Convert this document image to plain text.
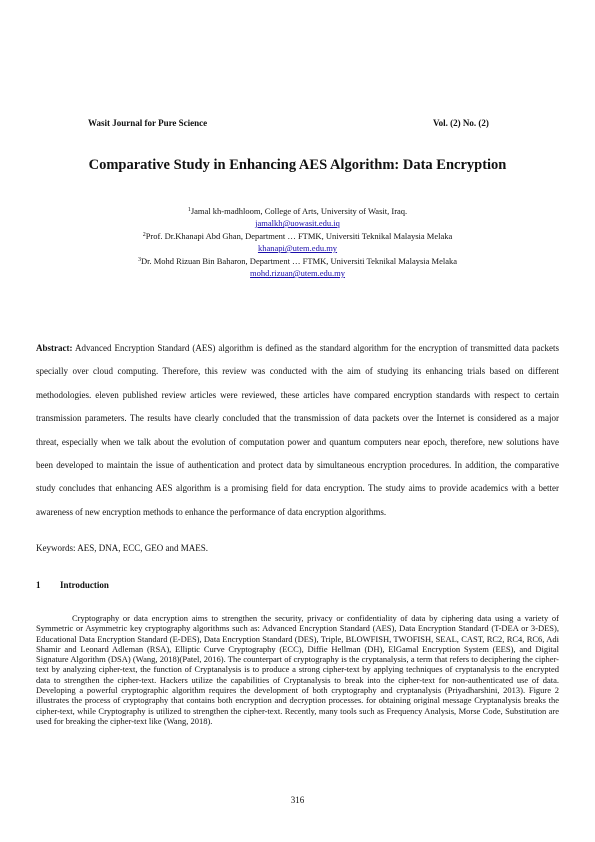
Wasit Journal for Pure Science	Vol. (2) No. (2)
Comparative Study in Enhancing AES Algorithm: Data Encryption
$^1$Jamal kh-madhloom, College of Arts, University of Wasit, Iraq.
jamalkh@uowasit.edu.iq
$^2$Prof. Dr.Khanapi Abd Ghan, Department … FTMK, Universiti Teknikal Malaysia Melaka
khanapi@utem.edu.my
$^3$Dr. Mohd Rizuan Bin Baharon, Department … FTMK, Universiti Teknikal Malaysia Melaka
mohd.rizuan@utem.edu.my

Abstract: Advanced Encryption Standard (AES) algorithm is defined as the standard algorithm for the encryption of transmitted data packets specially over cloud computing. Therefore, this review was conducted with the aim of studying its enhancing trials based on different methodologies. eleven published review articles were reviewed, these articles have compared encryption standards with respect to certain transmission parameters. The results have clearly concluded that the transmission of data packets over the Internet is considered as a major threat, especially when we talk about the evolution of computation power and quantum computers near epoch, therefore, new solutions have been developed to maintain the issue of authentication and protect data by simultaneous encryption procedures. In addition, the comparative study concludes that enhancing AES algorithm is a promising field for data encryption. The study aims to provide academics with a better awareness of new encryption methods to enhance the performance of data encryption algorithms.

Keywords: AES, DNA, ECC, GEO and MAES.
1 Introduction

Cryptography or data encryption aims to strengthen the security, privacy or confidentiality of data by ciphering data using a variety of Symmetric or Asymmetric key cryptography algorithms such as: Advanced Encryption Standard (AES), Data Encryption Standard (T-DEA or 3-DES), Educational Data Encryption Standard (E-DES), Data Encryption Standard (DES), Triple, BLOWFISH, TWOFISH, SEAL, CAST, RC2, RC4, RC6, Adi Shamir and Leonard Adleman (RSA), Elliptic Curve Cryptography (ECC), Diffie Hellman (DH), ElGamal Encryption System (EES), and Digital Signature Algorithm (DSA) (Wang, 2018)(Patel, 2016). The counterpart of cryptography is the cryptanalysis, a term that refers to deciphering the cipher-text by analyzing cipher-text, the function of Cryptanalysis is to produce a strong cipher-text by applying techniques of cryptanalysis to the encrypted data to strengthen the cipher-text. Hackers utilize the capabilities of Cryptanalysis to break into the cipher-text for non-authenticated use of data. Developing a powerful cryptographic algorithm requires the development of both cryptography and cryptanalysis (Priyadharshini, 2013). Figure 2 illustrates the process of cryptography that contains both encryption and decryption processes. for obtaining original message Cryptanalysis breaks the cipher-text, while Cryptography is utilized to strengthen the cipher-text. Recently, many tools such as Frequency Analysis, Morse Code, Substitution are used for breaking the cipher-text like (Wang, 2018).

316
